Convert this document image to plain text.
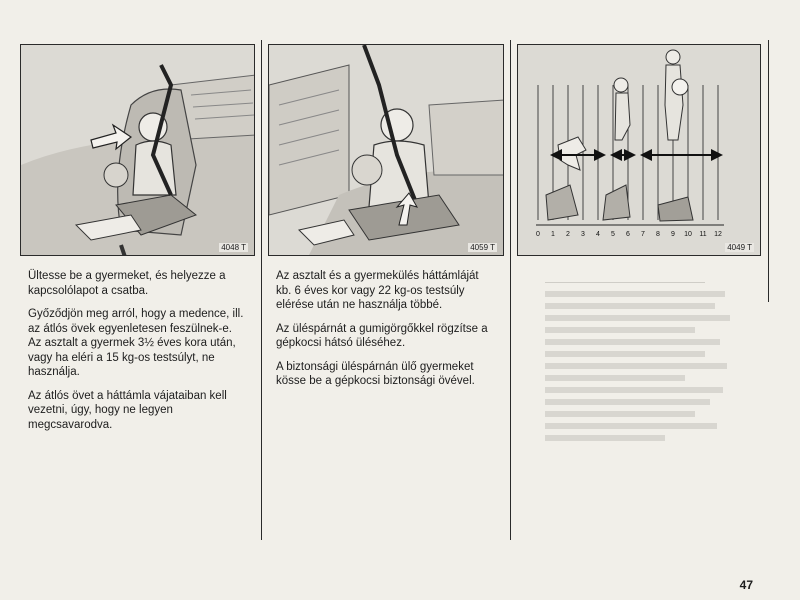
4048 T

Ültesse be a gyermeket, és helyezze a kapcsolólapot a csatba.

Győződjön meg arról, hogy a medence, ill. az átlós övek egyenletesen feszülnek-e. Az asztalt a gyermek 3½ éves kora után, vagy ha eléri a 15 kg-os testsúlyt, ne használja.

Az átlós övet a háttámla vájataiban kell vezetni, úgy, hogy ne legyen megcsavarodva.

4059 T

Az asztalt és a gyermekülés háttámláját kb. 6 éves kor vagy 22 kg-os testsúly elérése után ne használja többé.

Az üléspárnát a gumigörgőkkel rögzítse a gépkocsi hátsó üléséhez.

A biztonsági üléspárnán ülő gyermeket kösse be a gépkocsi biztonsági övével.

0 1 2 3 4 5 6 7 8 9 10 11 12
4049 T
47
